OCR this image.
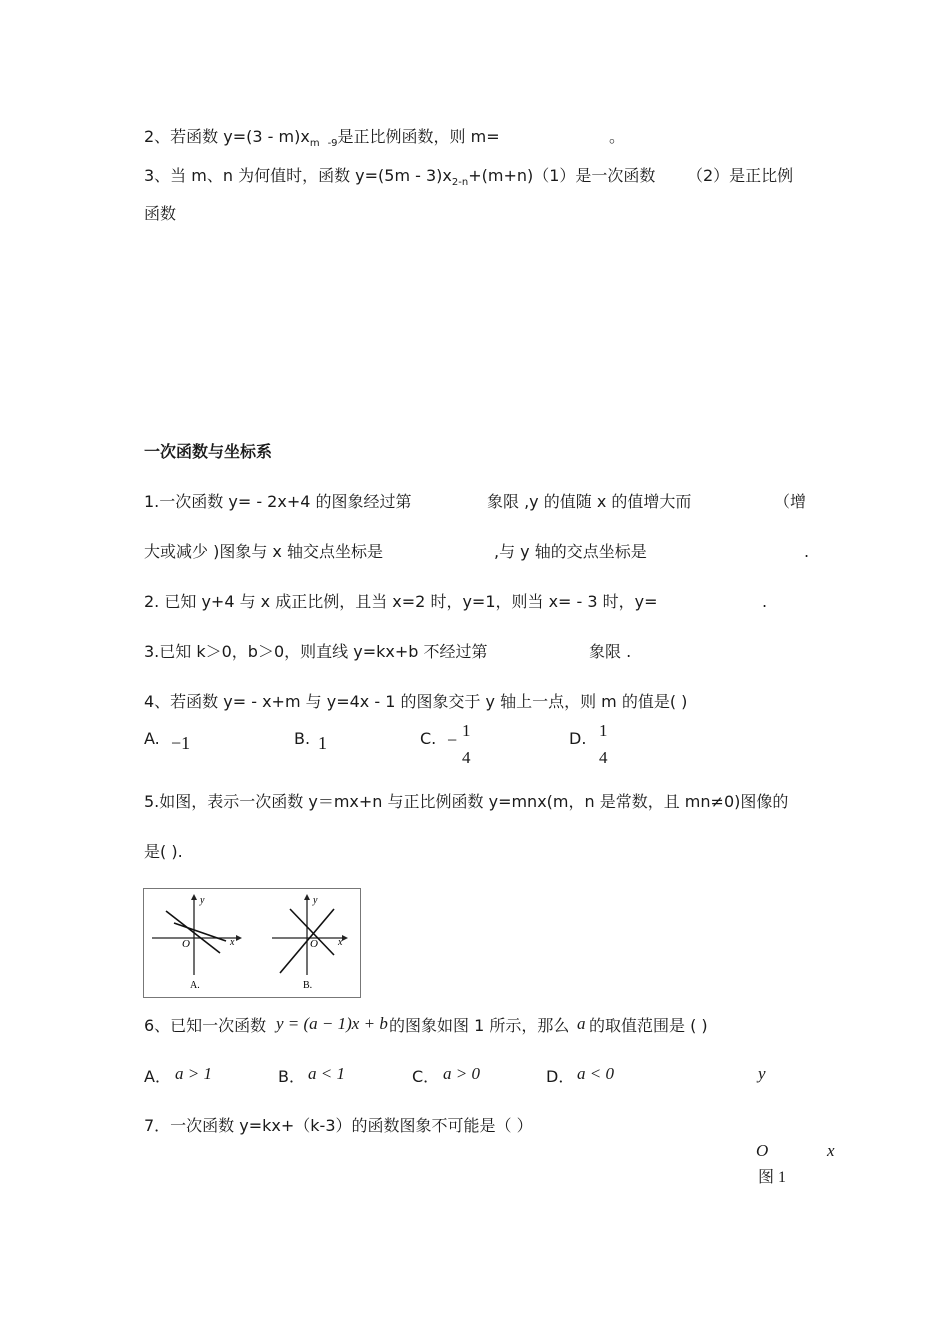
2、若函数 $y=(3 - m)x_m$ $_{-9}$是正比例函数，则 m=	。
3、当 m、n 为何值时，函数 $y=(5m - 3)x_{2-n}+(m+n)(1)$是一次函数 （2）是正比例
函数
一次函数与坐标系
1.一次函数 y= - 2x+4 的图象经过第	象限 ,y 的值随 x 的值增大而	（增
大或减少 )图象与 x 轴交点坐标是	,与 y 轴的交点坐标是	.
2. 已知 y+4 与 x 成正比例，且当 x=2 时，y=1，则当 x= - 3 时，y=	.
3.已知 k＞0，b＞0，则直线 y=kx+b 不经过第	象限 .
4、若函数 y= - x+m 与 y=4x - 1 的图象交于 y 轴上一点，则 m 的值是( )
A. −1	B. 1	C. − 1
4
D. 1
4
5.如图，表示一次函数 y＝mx+n 与正比例函数 y=mnx(m，n 是常数，且 mn≠0)图像的
是( ).
y
x
O
A.
y
x
O
B.
6、已知一次函数 y = (a − 1)x + b 的图象如图 1 所示，那么 a 的取值范围是 ( )
A． a > 1	B． a < 1	C． a > 0	D． a < 0	y
O	x
图 1
7．一次函数 y=kx+（k-3）的函数图象不可能是（ ）
